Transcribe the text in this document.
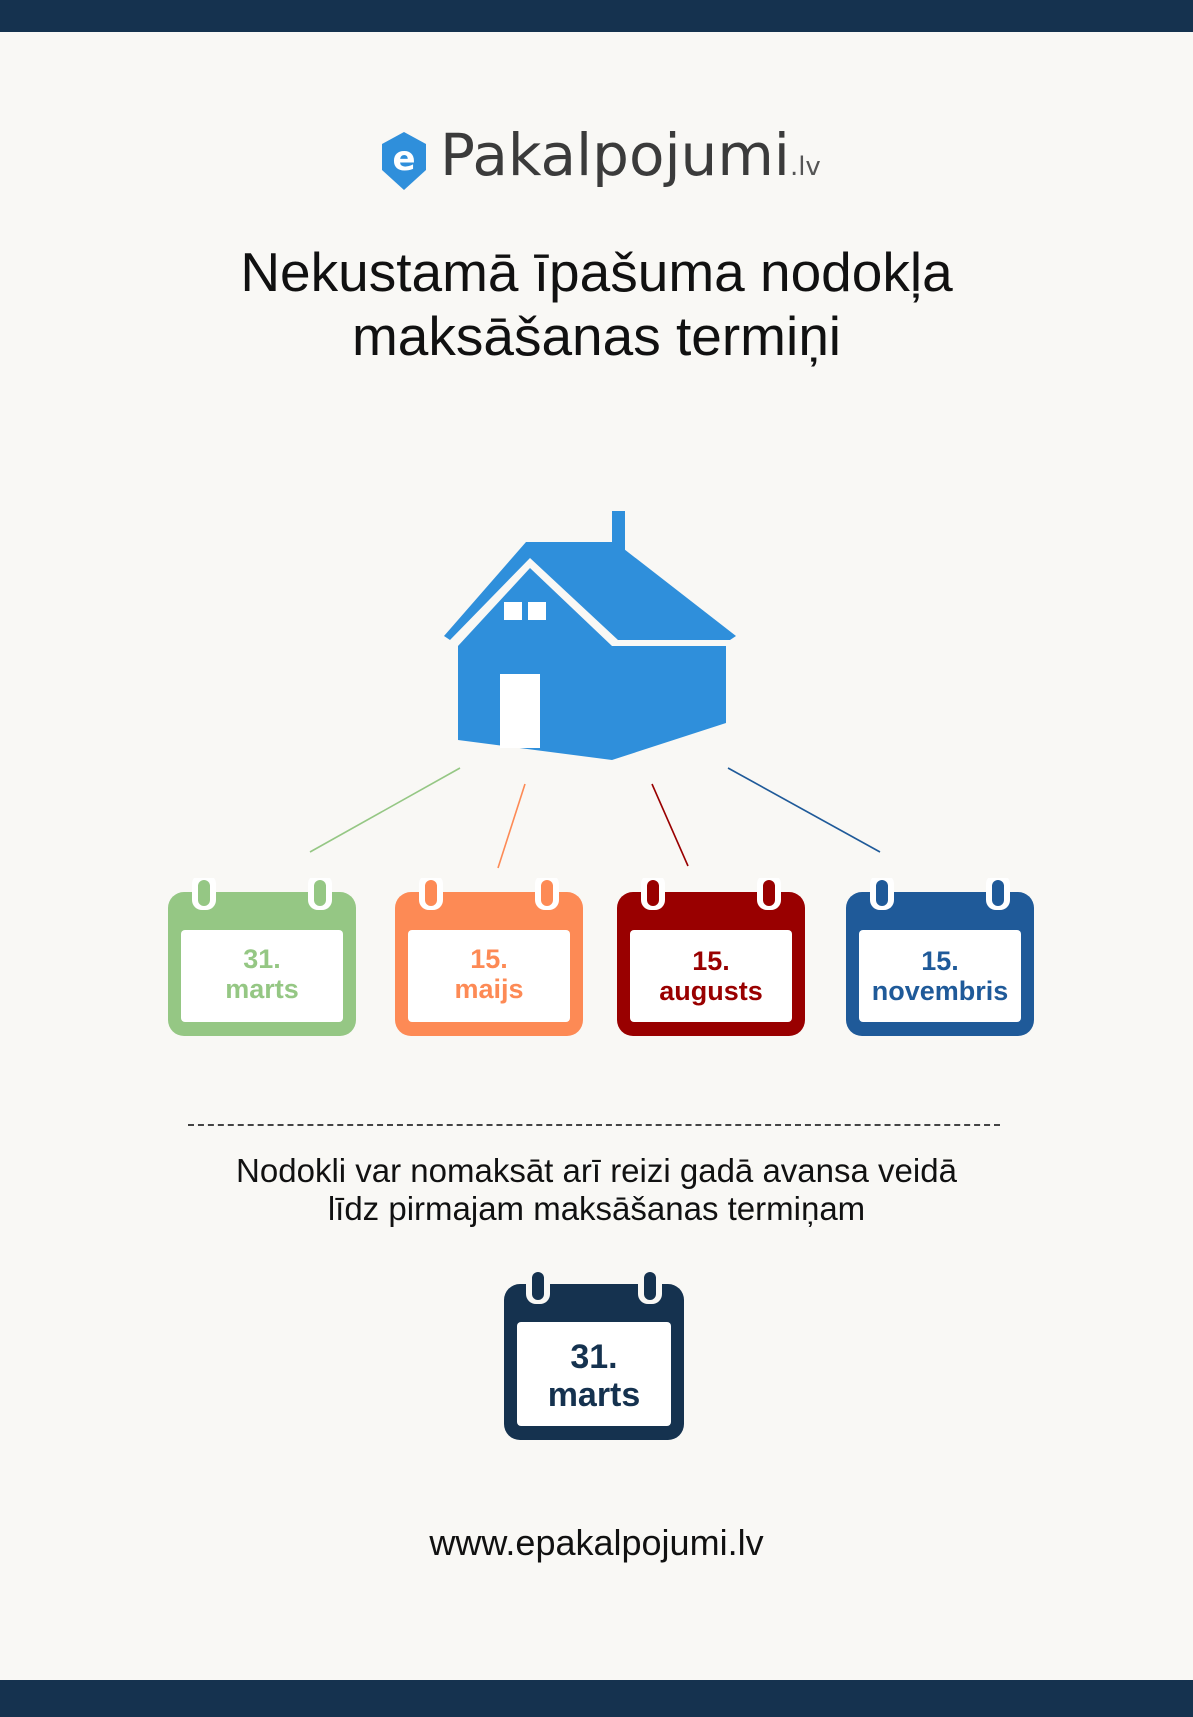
e Pakalpojumi.lv
Nekustamā īpašuma nodokļa
maksāšanas termiņi
31.
marts
15.
maijs
15.
augusts
15.
novembris
Nodokli var nomaksāt arī reizi gadā avansa veidā
līdz pirmajam maksāšanas termiņam
31.
marts
www.epakalpojumi.lv
